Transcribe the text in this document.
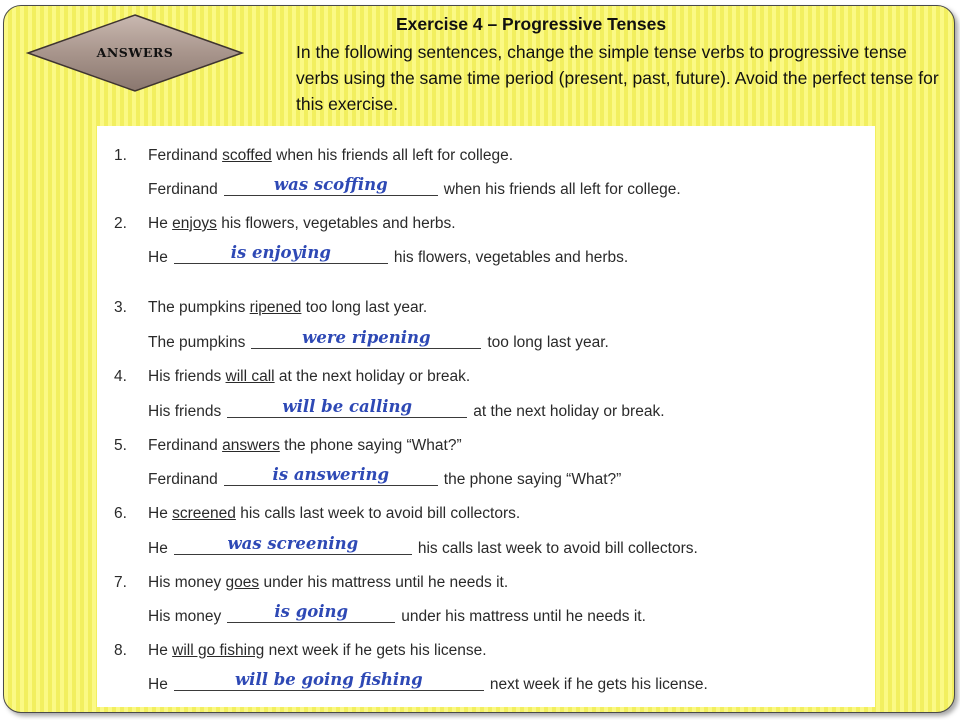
ANSWERS
Exercise 4 – Progressive Tenses

In the following sentences, change the simple tense verbs to progressive tense verbs using the same time period (present, past, future). Avoid the perfect tense for this exercise.

1.	Ferdinand scoffed when his friends all left for college.
Ferdinand	was scoffing	when his friends all left for college.
2.	He enjoys his flowers, vegetables and herbs.
He	is enjoying	his flowers, vegetables and herbs.
3.	The pumpkins ripened too long last year.
The pumpkins	were ripening	too long last year.
4.	His friends will call at the next holiday or break.
His friends	will be calling	at the next holiday or break.
5.	Ferdinand answers the phone saying “What?”
Ferdinand	is answering	the phone saying “What?”
6.	He screened his calls last week to avoid bill collectors.
He	was screening	his calls last week to avoid bill collectors.
7.	His money goes under his mattress until he needs it.
His money	is going	under his mattress until he needs it.
8.	He will go fishing next week if he gets his license.
He	will be going fishing	next week if he gets his license.
